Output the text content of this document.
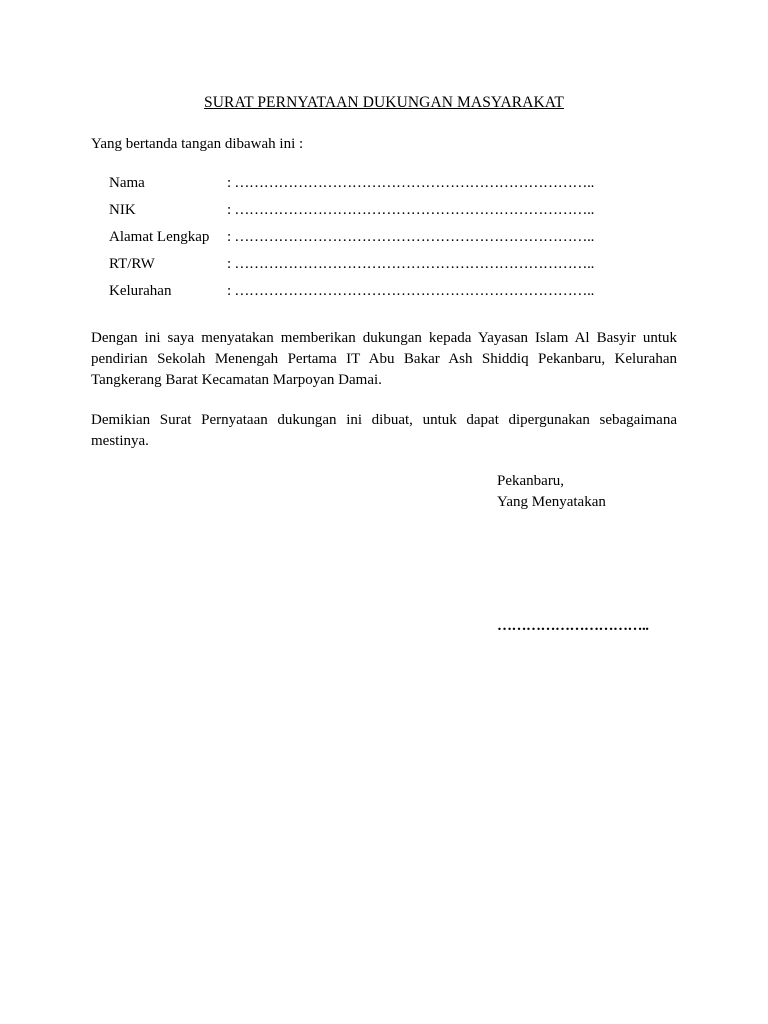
SURAT PERNYATAAN DUKUNGAN MASYARAKAT
Yang bertanda tangan dibawah ini :
Nama	: ………………………………………………………………..
NIK	: ………………………………………………………………..
Alamat Lengkap	: ………………………………………………………………..
RT/RW	: ………………………………………………………………..
Kelurahan	: ………………………………………………………………..
Dengan ini saya menyatakan memberikan dukungan kepada Yayasan Islam Al Basyir untuk pendirian Sekolah Menengah Pertama IT Abu Bakar Ash Shiddiq Pekanbaru, Kelurahan Tangkerang Barat Kecamatan Marpoyan Damai.
Demikian Surat Pernyataan dukungan ini dibuat, untuk dapat dipergunakan sebagaimana mestinya.
Pekanbaru,
Yang Menyatakan
…………………………..
